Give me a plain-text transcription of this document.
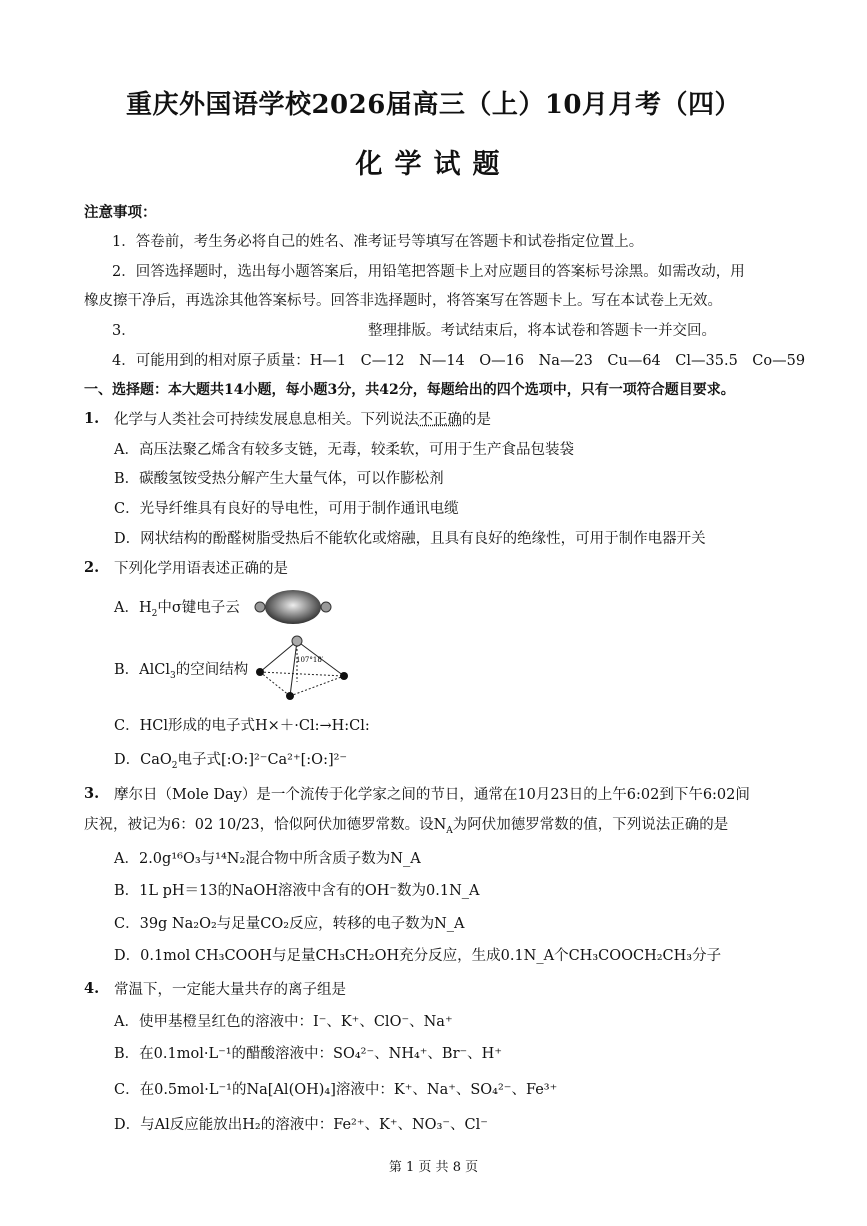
重庆外国语学校2026届高三（上）10月月考（四）
化学试题
注意事项：
1．答卷前，考生务必将自己的姓名、准考证号等填写在答题卡和试卷指定位置上。
2．回答选择题时，选出每小题答案后，用铅笔把答题卡上对应题目的答案标号涂黑。如需改动，用
橡皮擦干净后，再选涂其他答案标号。回答非选择题时，将答案写在答题卡上。写在本试卷上无效。
3．	整理排版。考试结束后，将本试卷和答题卡一并交回。
4．可能用到的相对原子质量：H—1　C—12　N—14　O—16　Na—23　Cu—64　Cl—35.5　Co—59
一、选择题：本大题共14小题，每小题3分，共42分，每题给出的四个选项中，只有一项符合题目要求。
1. 化学与人类社会可持续发展息息相关。下列说法不正确的是
A．高压法聚乙烯含有较多支链，无毒，较柔软，可用于生产食品包装袋
B．碳酸氢铵受热分解产生大量气体，可以作膨松剂
C．光导纤维具有良好的导电性，可用于制作通讯电缆
D．网状结构的酚醛树脂受热后不能软化或熔融，且具有良好的绝缘性，可用于制作电器开关
2. 下列化学用语表述正确的是
A．$H_2$中σ键电子云
B．AlCl$_3$的空间结构
107°18′
C．HCl形成的电子式H×＋·Cl:→H:Cl:
D．CaO$_2$电子式[:O:]²⁻Ca²⁺[:O:]²⁻
3. 摩尔日（Mole Day）是一个流传于化学家之间的节日，通常在10月23日的上午6:02到下午6:02间
庆祝，被记为6：02 10/23，恰似阿伏加德罗常数。设$N_A$为阿伏加德罗常数的值，下列说法正确的是
A．2.0g¹⁶O₃与¹⁴N₂混合物中所含质子数为N_A
B．1L pH＝13的NaOH溶液中含有的OH⁻数为0.1N_A
C．39g Na₂O₂与足量CO₂反应，转移的电子数为N_A
D．0.1mol CH₃COOH与足量CH₃CH₂OH充分反应，生成0.1N_A个CH₃COOCH₂CH₃分子
4. 常温下，一定能大量共存的离子组是
A．使甲基橙呈红色的溶液中：I⁻、K⁺、ClO⁻、Na⁺
B．在0.1mol·L⁻¹的醋酸溶液中：SO₄²⁻、NH₄⁺、Br⁻、H⁺
C．在0.5mol·L⁻¹的Na[Al(OH)₄]溶液中：K⁺、Na⁺、SO₄²⁻、Fe³⁺
D．与Al反应能放出H₂的溶液中：Fe²⁺、K⁺、NO₃⁻、Cl⁻
第 1 页 共 8 页
